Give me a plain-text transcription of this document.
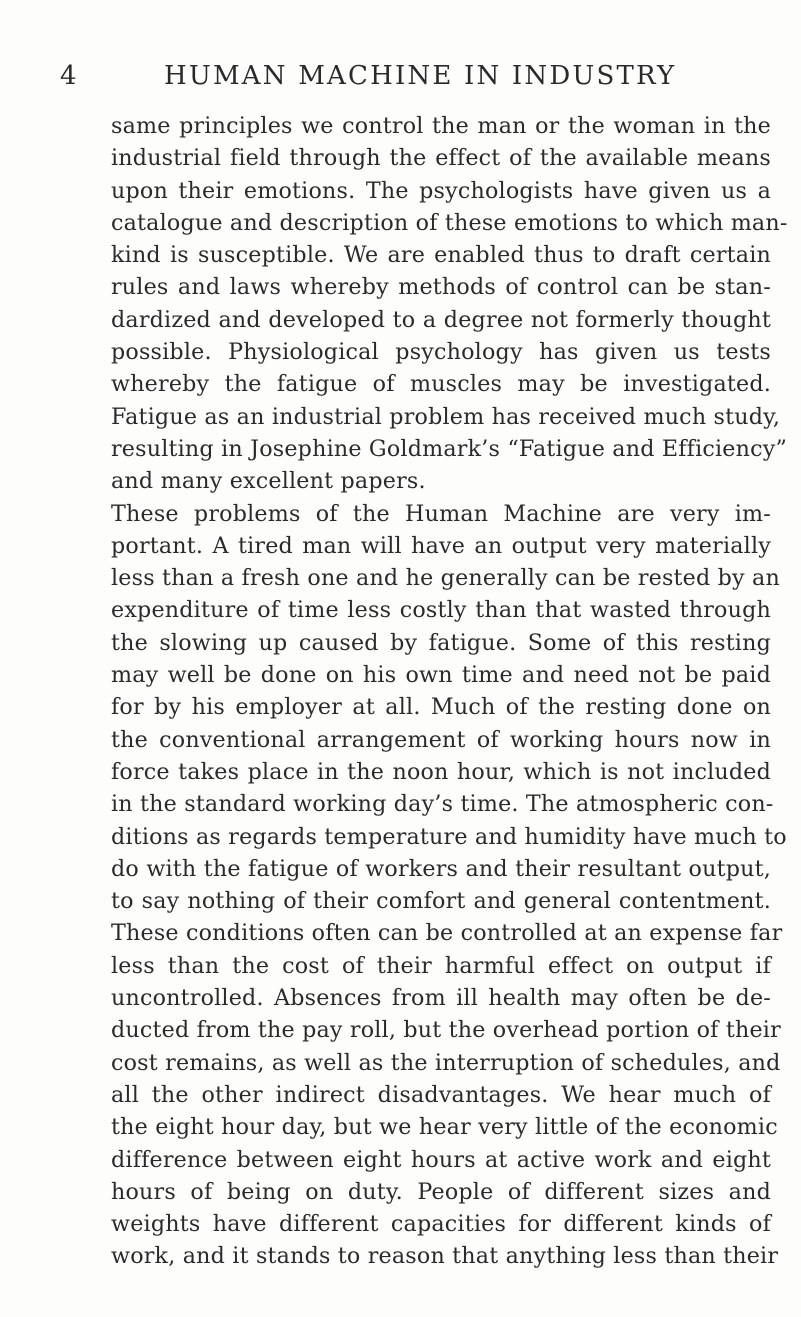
4	HUMAN MACHINE IN INDUSTRY
same principles we control the man or the woman in the
industrial field through the effect of the available means
upon their emotions. The psychologists have given us a
catalogue and description of these emotions to which man-
kind is susceptible. We are enabled thus to draft certain
rules and laws whereby methods of control can be stan-
dardized and developed to a degree not formerly thought
possible. Physiological psychology has given us tests
whereby the fatigue of muscles may be investigated.
Fatigue as an industrial problem has received much study,
resulting in Josephine Goldmark’s “Fatigue and Efficiency”
and many excellent papers.
These problems of the Human Machine are very im-
portant. A tired man will have an output very materially
less than a fresh one and he generally can be rested by an
expenditure of time less costly than that wasted through
the slowing up caused by fatigue. Some of this resting
may well be done on his own time and need not be paid
for by his employer at all. Much of the resting done on
the conventional arrangement of working hours now in
force takes place in the noon hour, which is not included
in the standard working day’s time. The atmospheric con-
ditions as regards temperature and humidity have much to
do with the fatigue of workers and their resultant output,
to say nothing of their comfort and general contentment.
These conditions often can be controlled at an expense far
less than the cost of their harmful effect on output if
uncontrolled. Absences from ill health may often be de-
ducted from the pay roll, but the overhead portion of their
cost remains, as well as the interruption of schedules, and
all the other indirect disadvantages. We hear much of
the eight hour day, but we hear very little of the economic
difference between eight hours at active work and eight
hours of being on duty. People of different sizes and
weights have different capacities for different kinds of
work, and it stands to reason that anything less than their
